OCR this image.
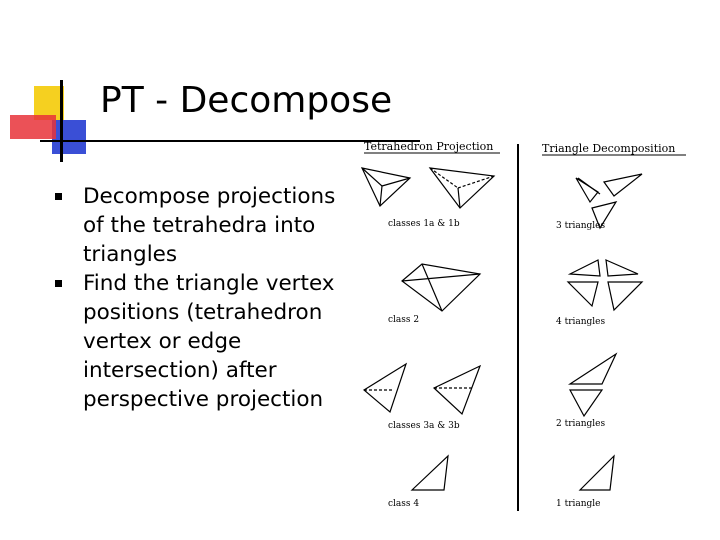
PT - Decompose
Decompose projections of the tetrahedra into triangles
Find the triangle vertex positions (tetrahedron vertex or edge intersection) after perspective projection
Tetrahedron Projection	Triangle Decomposition
classes 1a & 1b	3 triangles
class 2	4 triangles
classes 3a & 3b	2 triangles
class 4	1 triangle
